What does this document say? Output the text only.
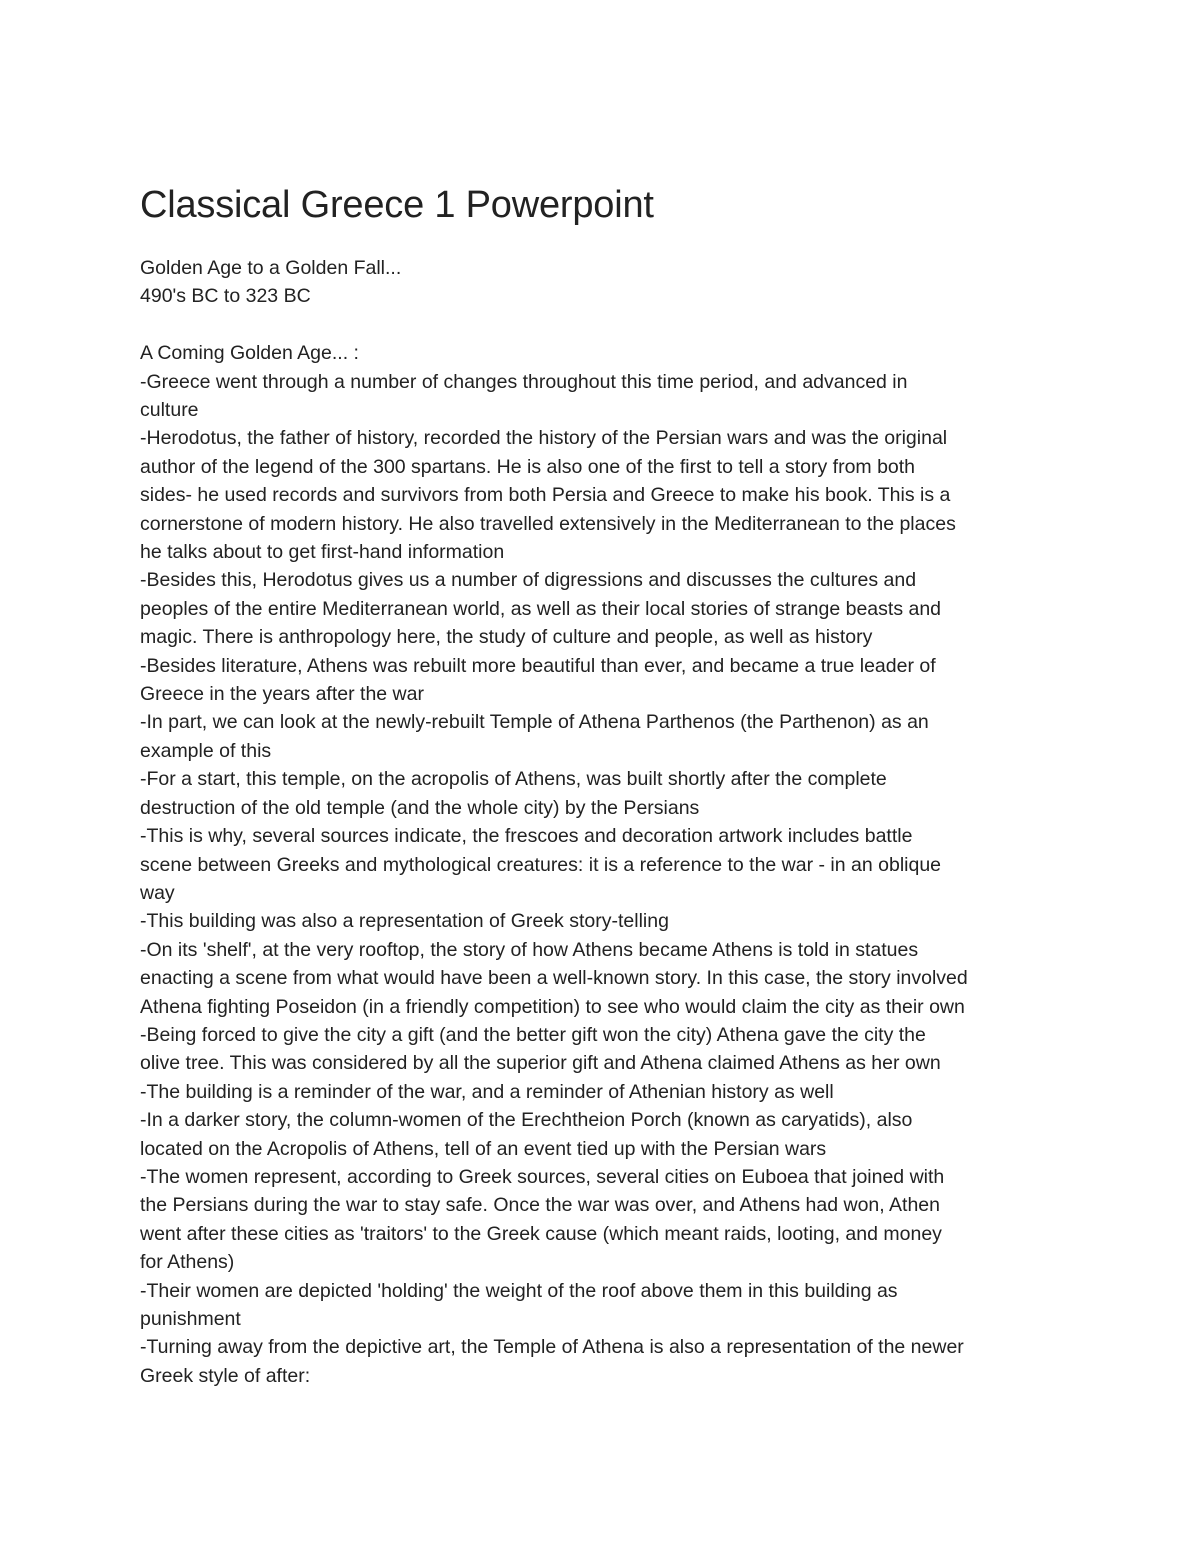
Classical Greece 1 Powerpoint

Golden Age to a Golden Fall...

490's BC to 323 BC

A Coming Golden Age... :

-Greece went through a number of changes throughout this time period, and advanced in

culture

-Herodotus, the father of history, recorded the history of the Persian wars and was the original

author of the legend of the 300 spartans. He is also one of the first to tell a story from both

sides- he used records and survivors from both Persia and Greece to make his book. This is a

cornerstone of modern history. He also travelled extensively in the Mediterranean to the places

he talks about to get first-hand information

-Besides this, Herodotus gives us a number of digressions and discusses the cultures and

peoples of the entire Mediterranean world, as well as their local stories of strange beasts and

magic. There is anthropology here, the study of culture and people, as well as history

-Besides literature, Athens was rebuilt more beautiful than ever, and became a true leader of

Greece in the years after the war

-In part, we can look at the newly-rebuilt Temple of Athena Parthenos (the Parthenon) as an

example of this

-For a start, this temple, on the acropolis of Athens, was built shortly after the complete

destruction of the old temple (and the whole city) by the Persians

-This is why, several sources indicate, the frescoes and decoration artwork includes battle

scene between Greeks and mythological creatures: it is a reference to the war - in an oblique

way

-This building was also a representation of Greek story-telling

-On its 'shelf', at the very rooftop, the story of how Athens became Athens is told in statues

enacting a scene from what would have been a well-known story. In this case, the story involved

Athena fighting Poseidon (in a friendly competition) to see who would claim the city as their own

-Being forced to give the city a gift (and the better gift won the city) Athena gave the city the

olive tree. This was considered by all the superior gift and Athena claimed Athens as her own

-The building is a reminder of the war, and a reminder of Athenian history as well

-In a darker story, the column-women of the Erechtheion Porch (known as caryatids), also

located on the Acropolis of Athens, tell of an event tied up with the Persian wars

-The women represent, according to Greek sources, several cities on Euboea that joined with

the Persians during the war to stay safe. Once the war was over, and Athens had won, Athen

went after these cities as 'traitors' to the Greek cause (which meant raids, looting, and money

for Athens)

-Their women are depicted 'holding' the weight of the roof above them in this building as

punishment

-Turning away from the depictive art, the Temple of Athena is also a representation of the newer

Greek style of after:
